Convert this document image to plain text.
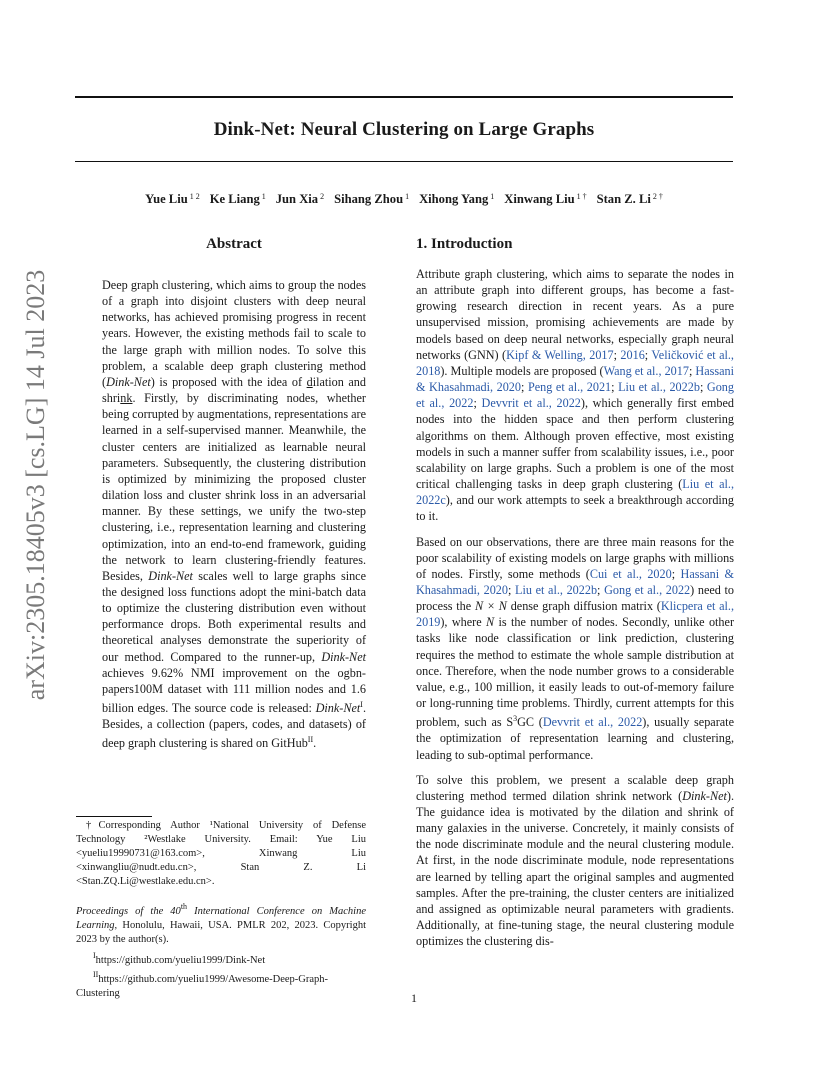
arXiv:2305.18405v3 [cs.LG] 14 Jul 2023
Dink-Net: Neural Clustering on Large Graphs
Yue Liu $^{1 2}$ Ke Liang $^1$ Jun Xia $^2$ Sihang Zhou $^1$ Xihong Yang $^1$ Xinwang Liu $^{1 \dagger}$ Stan Z. Li $^{2 \dagger}$
Abstract

Deep graph clustering, which aims to group the nodes of a graph into disjoint clusters with deep neural networks, has achieved promising progress in recent years. However, the existing methods fail to scale to the large graph with million nodes. To solve this problem, a scalable deep graph clustering method (Dink-Net) is proposed with the idea of dilation and shrink. Firstly, by discriminating nodes, whether being corrupted by augmentations, representations are learned in a self-supervised manner. Meanwhile, the cluster centers are initialized as learnable neural parameters. Subsequently, the clustering distribution is optimized by minimizing the proposed cluster dilation loss and cluster shrink loss in an adversarial manner. By these settings, we unify the two-step clustering, i.e., representation learning and clustering optimization, into an end-to-end framework, guiding the network to learn clustering-friendly features. Besides, Dink-Net scales well to large graphs since the designed loss functions adopt the mini-batch data to optimize the clustering distribution even without performance drops. Both experimental results and theoretical analyses demonstrate the superiority of our method. Compared to the runner-up, Dink-Net achieves 9.62% NMI improvement on the ogbn-papers100M dataset with 111 million nodes and 1.6 billion edges. The source code is released: Dink-Net$^I$. Besides, a collection (papers, codes, and datasets) of deep graph clustering is shared on GitHub$^{II}$.

1. Introduction

Attribute graph clustering, which aims to separate the nodes in an attribute graph into different groups, has become a fast-growing research direction in recent years. As a pure unsupervised mission, promising achievements are made by models based on deep neural networks, especially graph neural networks (GNN) (Kipf & Welling, 2017; 2016; Veličković et al., 2018). Multiple models are proposed (Wang et al., 2017; Hassani & Khasahmadi, 2020; Peng et al., 2021; Liu et al., 2022b; Gong et al., 2022; Devvrit et al., 2022), which generally first embed nodes into the hidden space and then perform clustering algorithms on them. Although proven effective, most existing models in such a manner suffer from scalability issues, i.e., poor scalability on large graphs. Such a problem is one of the most critical challenging tasks in deep graph clustering (Liu et al., 2022c), and our work attempts to seek a breakthrough according to it.

Based on our observations, there are three main reasons for the poor scalability of existing models on large graphs with millions of nodes. Firstly, some methods (Cui et al., 2020; Hassani & Khasahmadi, 2020; Liu et al., 2022b; Gong et al., 2022) need to process the N × N dense graph diffusion matrix (Klicpera et al., 2019), where N is the number of nodes. Secondly, unlike other tasks like node classification or link prediction, clustering requires the method to estimate the whole sample distribution at once. Therefore, when the node number grows to a considerable value, e.g., 100 million, it easily leads to out-of-memory failure or long-running time problems. Thirdly, current attempts for this problem, such as S$^3$GC (Devvrit et al., 2022), usually separate the optimization of representation learning and clustering, leading to sub-optimal performance.

To solve this problem, we present a scalable deep graph clustering method termed dilation shrink network (Dink-Net). The guidance idea is motivated by the dilation and shrink of many galaxies in the universe. Concretely, it mainly consists of the node discriminate module and the neural clustering module. At first, in the node discriminate module, node representations are learned by telling apart the original samples and augmented samples. After the pre-training, the cluster centers are initialized and assigned as optimizable neural parameters with gradients. Additionally, at fine-tuning stage, the neural clustering module optimizes the clustering dis-

†Corresponding Author ¹National University of Defense Technology ²Westlake University. Email: Yue Liu <yueliu19990731@163.com>, Xinwang Liu <xinwangliu@nudt.edu.cn>, Stan Z. Li <Stan.ZQ.Li@westlake.edu.cn>.

Proceedings of the 40th International Conference on Machine Learning, Honolulu, Hawaii, USA. PMLR 202, 2023. Copyright 2023 by the author(s).

$^I$https://github.com/yueliu1999/Dink-Net

$^{II}$https://github.com/yueliu1999/Awesome-Deep-Graph-Clustering	1
